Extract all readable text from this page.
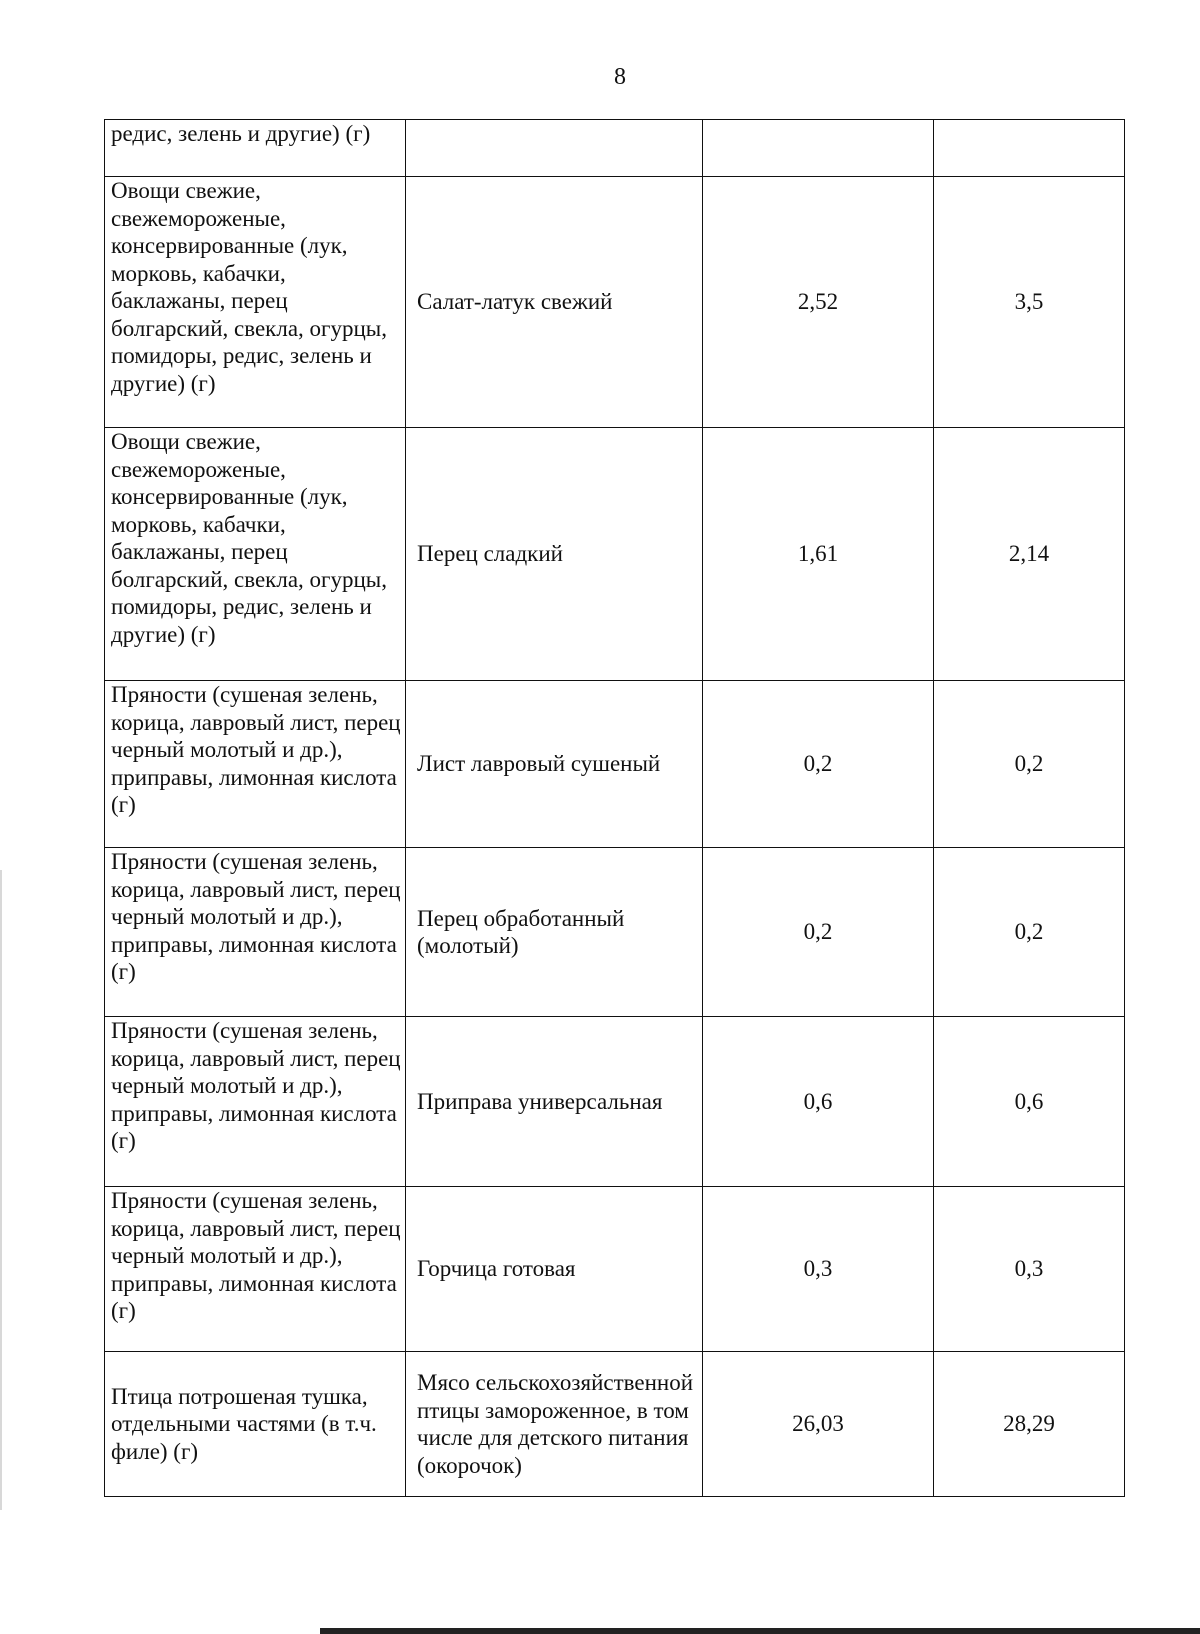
8
редис, зелень и другие) (г)			

Овощи свежие, свежемороженые, консервированные (лук, морковь, кабачки, баклажаны, перец болгарский, свекла, огурцы, помидоры, редис, зелень и другие) (г)	Салат-латук свежий	2,52	3,5

Овощи свежие, свежемороженые, консервированные (лук, морковь, кабачки, баклажаны, перец болгарский, свекла, огурцы, помидоры, редис, зелень и другие) (г)	Перец сладкий	1,61	2,14

Пряности (сушеная зелень, корица, лавровый лист, перец черный молотый и др.), приправы, лимонная кислота (г)	Лист лавровый сушеный	0,2	0,2

Пряности (сушеная зелень, корица, лавровый лист, перец черный молотый и др.), приправы, лимонная кислота (г)	Перец обработанный (молотый)	0,2	0,2

Пряности (сушеная зелень, корица, лавровый лист, перец черный молотый и др.), приправы, лимонная кислота (г)	Приправа универсальная	0,6	0,6

Пряности (сушеная зелень, корица, лавровый лист, перец черный молотый и др.), приправы, лимонная кислота (г)	Горчица готовая	0,3	0,3

Птица потрошеная тушка, отдельными частями (в т.ч. филе) (г)	Мясо сельскохозяйственной птицы замороженное, в том числе для детского питания (окорочок)	26,03	28,29
